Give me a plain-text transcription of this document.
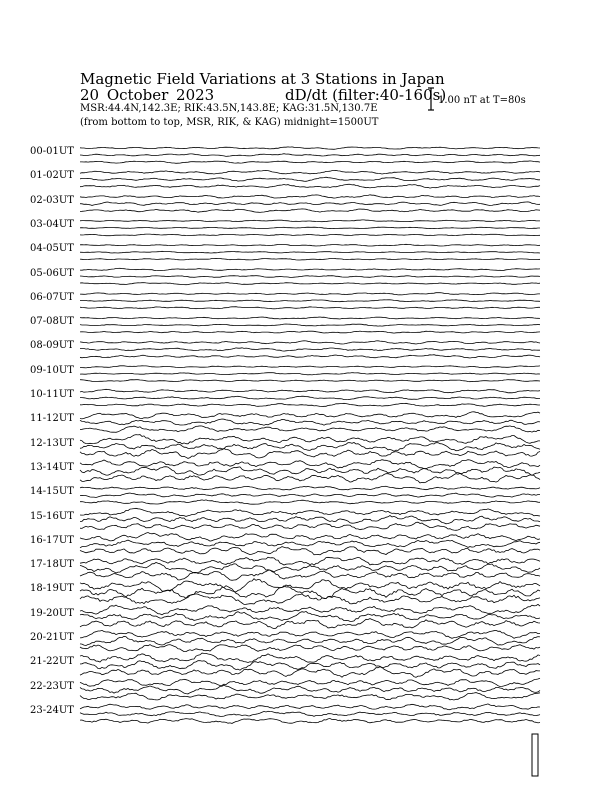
Magnetic Field Variations at 3 Stations in Japan
20 October 2023	dD/dt (filter:40-160s)
MSR:44.4N,142.3E; RIK:43.5N,143.8E; KAG:31.5N,130.7E
(from bottom to top, MSR, RIK, & KAG) midnight=1500UT
1.00 nT at T=80s
00-01UT
01-02UT
02-03UT
03-04UT
04-05UT
05-06UT
06-07UT
07-08UT
08-09UT
09-10UT
10-11UT
11-12UT
12-13UT
13-14UT
14-15UT
15-16UT
16-17UT
17-18UT
18-19UT
19-20UT
20-21UT
21-22UT
22-23UT
23-24UT
